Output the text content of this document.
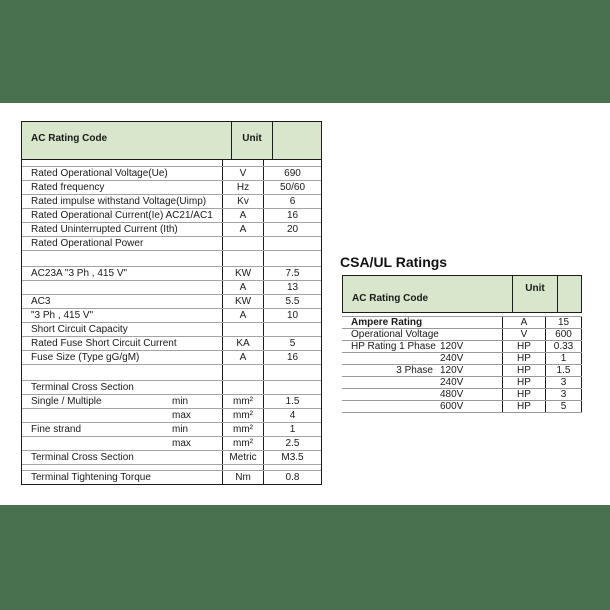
AC Rating Code	Unit
Rated Operational Voltage(Ue)	V	690
Rated frequency	Hz	50/60
Rated impulse withstand Voltage(Uimp)	Kv	6
Rated Operational Current(Ie) AC21/AC1	A	16
Rated Uninterrupted Current (Ith)	A	20
Rated Operational Power
AC23A "3 Ph , 415 V"	KW	7.5
A	13
AC3	KW	5.5
"3 Ph , 415 V"	A	10
Short Circuit Capacity
Rated Fuse Short Circuit Current	KA	5
Fuse Size (Type gG/gM)	A	16
Terminal Cross Section
Single / Multiple	min	mm²	1.5
max	mm²	4
Fine strand	min	mm²	1
max	mm²	2.5
Terminal Cross Section	Metric	M3.5
Terminal Tightening Torque	Nm	0.8
CSA/UL Ratings
AC Rating Code
Unit
Ampere Rating	A	15
Operational Voltage	V	600
HP Rating 1 Phase 120V	HP	0.33
240V	HP	1
3 Phase 120V	HP	1.5
240V	HP	3
480V	HP	3
600V	HP	5
